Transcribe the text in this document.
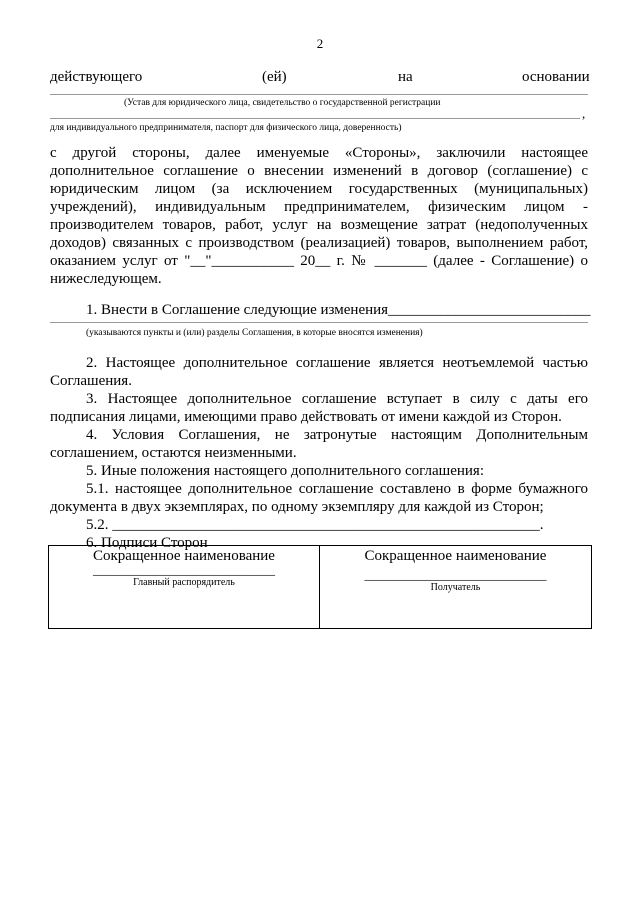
2
действующего	(ей)	на	основании
(Устав для юридического лица, свидетельство о государственной регистрации
,
для индивидуального предпринимателя, паспорт для физического лица, доверенность)
с другой стороны, далее именуемые «Стороны», заключили настоящее
дополнительное соглашение о внесении изменений в договор (соглашение) с
юридическим лицом (за исключением государственных (муниципальных)
учреждений), индивидуальным предпринимателем, физическим лицом -
производителем товаров, работ, услуг на возмещение затрат (недополученных
доходов) связанных с производством (реализацией) товаров, выполнением работ,
оказанием услуг от "__"___________ 20__ г. № _______ (далее - Соглашение) о
нижеследующем.
1. Внести в Соглашение следующие изменения___________________________
(указываются пункты и (или) разделы Соглашения, в которые вносятся изменения)
2. Настоящее дополнительное соглашение является неотъемлемой частью
Соглашения.
3. Настоящее дополнительное соглашение вступает в силу с даты его
подписания лицами, имеющими право действовать от имени каждой из Сторон.
4. Условия Соглашения, не затронутые настоящим Дополнительным
соглашением, остаются неизменными.
5. Иные положения настоящего дополнительного соглашения:
5.1. настоящее дополнительное соглашение составлено в форме бумажного
документа в двух экземплярах, по одному экземпляру для каждой из Сторон;
5.2. _________________________________________________________.
6. Подписи Сторон
Сокращенное наименование
____________________________
Главный распорядитель
Сокращенное наименование
____________________________
Получатель
